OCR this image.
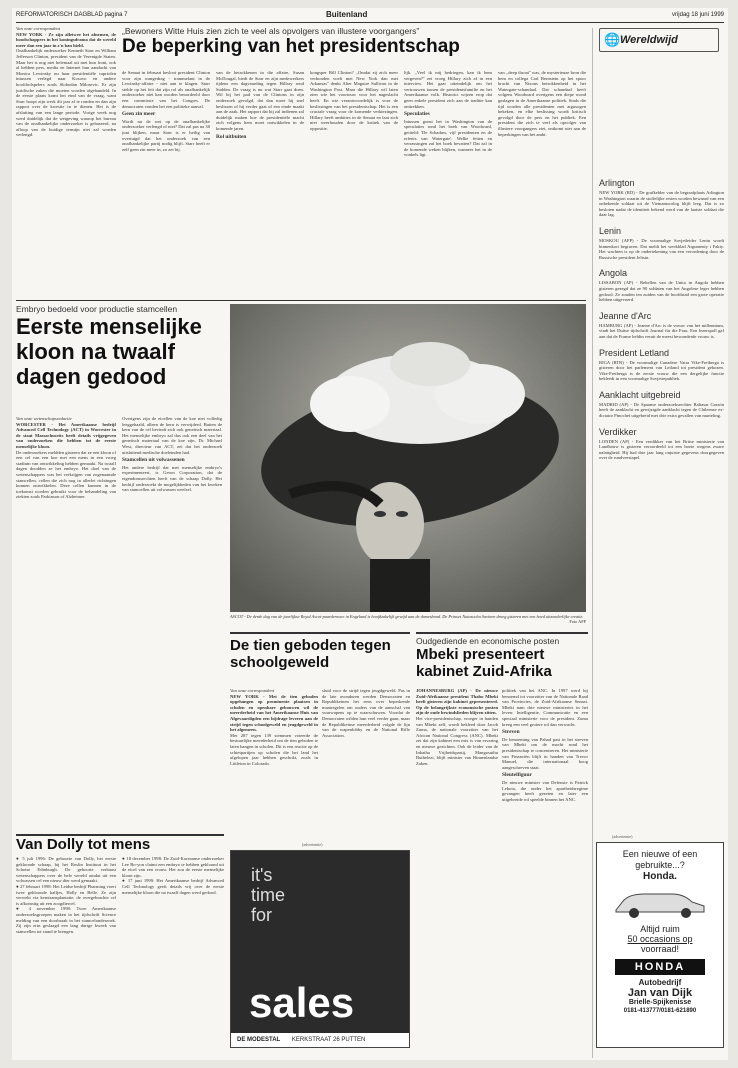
REFORMATORISCH DAGBLAD pagina 7	Buitenland	vrijdag 18 juni 1999
Van onze correspondent
NEW YORK - Ze zijn alletwee het afnemen, de boodschappers in het koningsdrama dat de wereld meer dan een jaar in z'n ban hield.
Onafhankelijk onderzoeker Kenneth Starr en William Jefferson Clinton, president van de Verenigde Staten. Maar het is nog niet helemaal uit met hun front, ook al hebben pers, media en Internet hun aandacht van Monica Lewinsky nu haar presidentiële capriolen intussen verlegd naar Kosovo en andere hoofdrolspelers zoals Slobodan Milosevic. Er zijn juridische zaken die moeten worden afgehandeld. In de eerste plaats komt het eind van de vraag, want Starr hoopt zijn werk dit jaar af te ronden en dan zijn rapport over de kwestie in te dienen. Het is de afsluiting van een lange periode. Vorige week nog werd duidelijk dat de wetgeving waarop het bureau van de onafhankelijke onderzoeker is gebaseerd, na afloop van de huidige termijn niet zal worden verlengd.
„Bewoners Witte Huis zien zich te veel als opvolgers van illustere voorgangers”
De beperking van het presidentschap
de Senaat in februari besloot president Clinton voor zijn wangedrag - trammelant in de Lewinsky-affaire - niet aan te klagen. Starr stelde op het feit dat zijn rol als onafhankelijk onderzoeker niet kan worden beoordeeld door een commissie van het Congres. De democraten vonden het een politieke aanval.
Geen zin meer
Wordt nu de wet op de onafhankelijke onderzoeker verlengd of niet? Dat zal pas na 30 juni blijken, maar Starr is er heilig van overtuigd dat het onderzoek van een onafhankelijke partij nodig blijft. Starr heeft er zelf geen zin meer in, zo zei hij.
van de betrokkenen in die affaire, Susan McDougal, biedt de Starr en zijn medewerkers tijdens een dagvaarding tegen Hillary rond Sudden. De vraag is nu wat Starr gaat doen. Wil hij het pad van de Clintons in zijn onderzoek gevolgd, dat dan moet hij snel beslissen of hij verder gaat of een einde maakt aan de zaak. Het rapport dat hij zal indienen zal duidelijk maken hoe de presidentiële macht zich volgens hem moet ontwikkelen in de komende jaren.
Rol uitbuiten
kongsper Bill Clinton? ,,Omdat zij zich meer verbonden voelt met New York dan met Arkansas'' denkt Alter Maguire Sullivan in de Washington Post. Maar die Hillary wil laten zien wie het voortouw voor het nageslacht heeft. En wie verantwoordelijk is voor de beslissingen van het presidentschap. Het is een cruciale vraag voor de komende verkiezingen. Hillary heeft ambities in de Senaat en laat zich niet weerhouden door de kritiek van de oppositie.
lijk. ,,Veel ik mij bedriegen, kan ik hem vergeven?'' zei vroeg Hillary zich af in een interview. Het gaat uiteindelijk om het vertrouwen tussen de presidentsfamilie en het Amerikaanse volk. Historici wijzen erop dat geen enkele president zich aan de traditie kan onttrekken.
Speculaties
Intussen gonst het in Washington van de speculaties rond het boek van Woodward, getiteld: 'De Schaduw, vijf presidenten en de erfenis van Watergate'. Welke feiten en verrassingen zal het boek bevatten? Dat zal in de komende weken blijken, wanneer het in de winkels ligt.
van ,,deep throat'' was, de mysterieuze bron die hem en collega Carl Bernstein op het spoor bracht van Nixons betrokkenheid in het Watergate-schandaal. Dat schandaal heeft volgens Woodward overigens een diepe wond geslagen in de Amerikaanse politiek. Sinds die tijd worden alle presidenten met argusogen bekeken, en elke beslissing wordt kritisch gevolgd door de pers en het publiek. Een president die zich te veel als opvolger van illustere voorgangers ziet, ontkomt niet aan de beperkingen van het ambt.
Embryo bedoeld voor productie stamcellen
Eerste menselijke kloon na twaalf dagen gedood
Van onze wetenschapsredactie
WORCESTER - Het Amerikaanse bedrijf Advanced Cell Technology (ACT) in Worcester in de staat Massachusetts heeft details vrijgegeven van onderzoeken die hebben tot de eerste menselijke kloon.
De onderzoekers meldden gisteren dat ze een kloon of een cel van een koe met een mens in een vroeg stadium van ontwikkeling hebben gemaakt. Na twaalf dagen doodden ze het embryo. Het doel van de wetenschappers was het verkrijgen van zogenaamde stamcellen, cellen die zich nog in allerlei richtingen kunnen ontwikkelen. Deze cellen kunnen in de toekomst worden gebruikt voor de behandeling van ziekten zoals Parkinson of Alzheimer.
Overigens zijn de eicellen van de koe niet volledig leeggehaald, alleen de kern is verwijderd. Buiten de kern van de cel bevindt zich ook genetisch materiaal. Het menselijke embryo zal dus ook een deel van het genetisch materiaal van de koe zijn. Dr. Michael West, directeur van ACT, zei dat het onderzoek uitsluitend medische doeleinden had.
Stamcellen uit volwassenen
Het andere bedrijf dat met menselijke embryo's experimenteert, is Geron Corporation, dat de eigendomsrechten heeft van de schaap Dolly. Het bedrijf onderzoekt de mogelijkheden van het kweken van stamcellen uit volwassen weefsel.
ASCOT - De derde dag van de jaarlijkse Royal Ascot-paardenrace in Engeland is hoofdzakelijk gewijd aan de damesbond. De Prinses Natasocha Savinen droeg gisteren met een hoed uitzonderlijke creatie.
Foto AFP
De tien geboden tegen schoolgeweld
Van onze correspondent
NEW YORK - Met de tien geboden opgehangen op prominente plaatsen in scholen en openbare gebouwen wil de meerderheid van het Amerikaanse Huis van Afgevaardigden een bijdrage leveren aan de strijd tegen schoolgeweld en jeugdgeweld in het algemeen.
Met 287 tegen 139 stemmen voteerde de bestuurlijke meerderheid om de tien geboden te laten hangen in scholen. Dit is een reactie op de schietpartijen op scholen die het land het afgelopen jaar hebben geschokt, zoals in Littleton in Colorado.
sluid voor de strijd tegen jeugdgeweld. Pas in de late avonduren werden Democraten en Republikeinen het eens over beperkende maatregelen om ouders van de aanschaf van vuurwapens op te waarschuwen. Voordat de Democraten wilden hun veel verder gaan, maar de Republikeinse meerderheid volgde de lijn van de wapenlobby en de National Rifle Association.
Oudgediende en economische posten
Mbeki presenteert kabinet Zuid-Afrika
JOHANNESBURG (AP) - De nieuwe Zuid-Afrikaanse president Thabo Mbeki heeft gisteren zijn kabinet gepresenteerd. Op de belangrijkste economische posten zijn de oude bewindslieden blijven zitten.
Het vice-presidentschap, vroeger in handen van Mbeki zelf, wordt bekleed door Jacob Zuma, de nationale voorzitter van het African National Congress (ANC). Mbeki zei dat zijn kabinet een mix is van ervaring en nieuwe gezichten. Ook de leider van de Inkatha Vrijheidspartij, Mangosuthu Buthelezi, blijft minister van Binnenlandse Zaken.
politiek van het ANC. In 1997 werd hij benoemd tot voorzitter van de Nationale Raad van Provincies, de Zuid-Afrikaanse Senaat. Mbeki nam drie nieuwe ministeries in het leven: Intelligentie, Communicatie en een speciaal ministerie voor de president. Zuma kreeg een veel grotere rol dan verwacht.
Streven
De benoeming van Pahad past in het streven van Mbeki om de macht rond het presidentschap te concentreren. Het ministerie van Financiën blijft in handen van Trevor Manuel, die internationaal hoog aangeschreven staat.
Sleutelfiguur
De nieuwe minister van Defensie is Patrick Lekota, die onder het apartheidsregime gevangen heeft gezeten en later een uitgebreide rol speelde binnen het ANC.
Van Dolly tot mens
● 5 juli 1996: De geboorte van Dolly, het eerste gekloonde schaap, bij het Roslin Instituut in het Schotse Edinburgh. De geboorte verbaast wetenschappers over de hele wereld omdat uit een volwassen cel een nieuw dier werd gemaakt.
● 27 februari 1998: Het Leidse bedrijf Pharming voert twee gekloonde kalfjes, Holly en Belle. Ze zijn verwekt via kerntransplantatie, de overgebrachte cel is afkomstig uit een zoogdiercel.
● 4 november 1998: Twee Amerikaanse onderzoeksgroepen maken in het tijdschrift Science melding van een doorbraak in het stamcelonderzoek. Zij zijn erin geslaagd een lang durige kweek van stamcellen tot stand te brengen.
● 18 december 1998: De Zuid-Koreaanse onderzoeker Lee Bo-yon claimt een embryo te hebben gekloond uit de eicel van een vrouw. Het zou de eerste menselijke kloon zijn.
● 17 juni 1999: Het Amerikaanse bedrijf Advanced Cell Technology geeft details vrij over de eerste menselijke kloon die na twaalf dagen werd gedood.
(advertentie)
it's
time
for
sales
DE MODESTAL KERKSTRAAT 26 PUTTEN
🌐 Wereldwijd
Arlington
NEW YORK (RD) - De grafkelder van de begraafplaats Arlington in Washington waarin de stoffelijke resten worden bewaard van een onbekende soldaat uit de Vietnamoorlog blijft leeg. Dat is zo besloten nadat de identiteit bekend werd van de laatste soldaat die daar lag.
Lenin
MOSKOU (AFP) - De voormalige Sovjetleider Lenin wordt binnenkort begraven. Dat meldt het weekblad Argumenty i Fakty. Het wachten is op de ondertekening van een verordening door de Russische president Jeltsin.
Angola
LISSABON (AP) - Rebellen van de Unita in Angola hebben gisteren gezegd dat ze 90 soldaten van het Angolese leger hebben gedood. Ze zouden ten zuiden van de hoofdstad een grote operatie hebben uitgevoerd.
Jeanne d'Arc
HAMBURG (AP) - Jeanne d'Arc is de vrouw van het millennium, vindt het Duitse tijdschrift Journal für die Frau. Een lezerspoll gaf aan dat de Franse heldin veruit de meest bewonderde vrouw is.
President Letland
RIGA (RTR) - De voormalige Canadese Vaira Vike-Freiberga is gisteren door het parlement van Letland tot president gekozen. Vike-Freiberga is de eerste vrouw die een dergelijke functie bekleedt in een voormalige Sovjetrepubliek.
Aanklacht uitgebreid
MADRID (AP) - De Spaanse onderzoeksrechter Baltasar Garzón heeft de aanklacht en gewijzigde aanklacht tegen de Chileense ex-dictator Pinochet uitgebreid met drie extra gevallen van marteling.
Verdikker
LONDEN (AP) - Een verdikker van het Britse ministerie van Landbouw is gisteren veroordeeld tot een boete wegens zware nalatigheid. Hij had drie jaar lang onjuiste gegevens doorgegeven over de rundveestapel.
(advertentie)
Een nieuwe of een gebruikte...?
Honda.
Altijd ruim
50 occasions op
voorraad!
HONDA
Autobedrijf
Jan van Dijk
Brielle-Spijkenisse
0181-413777/0181-621890
